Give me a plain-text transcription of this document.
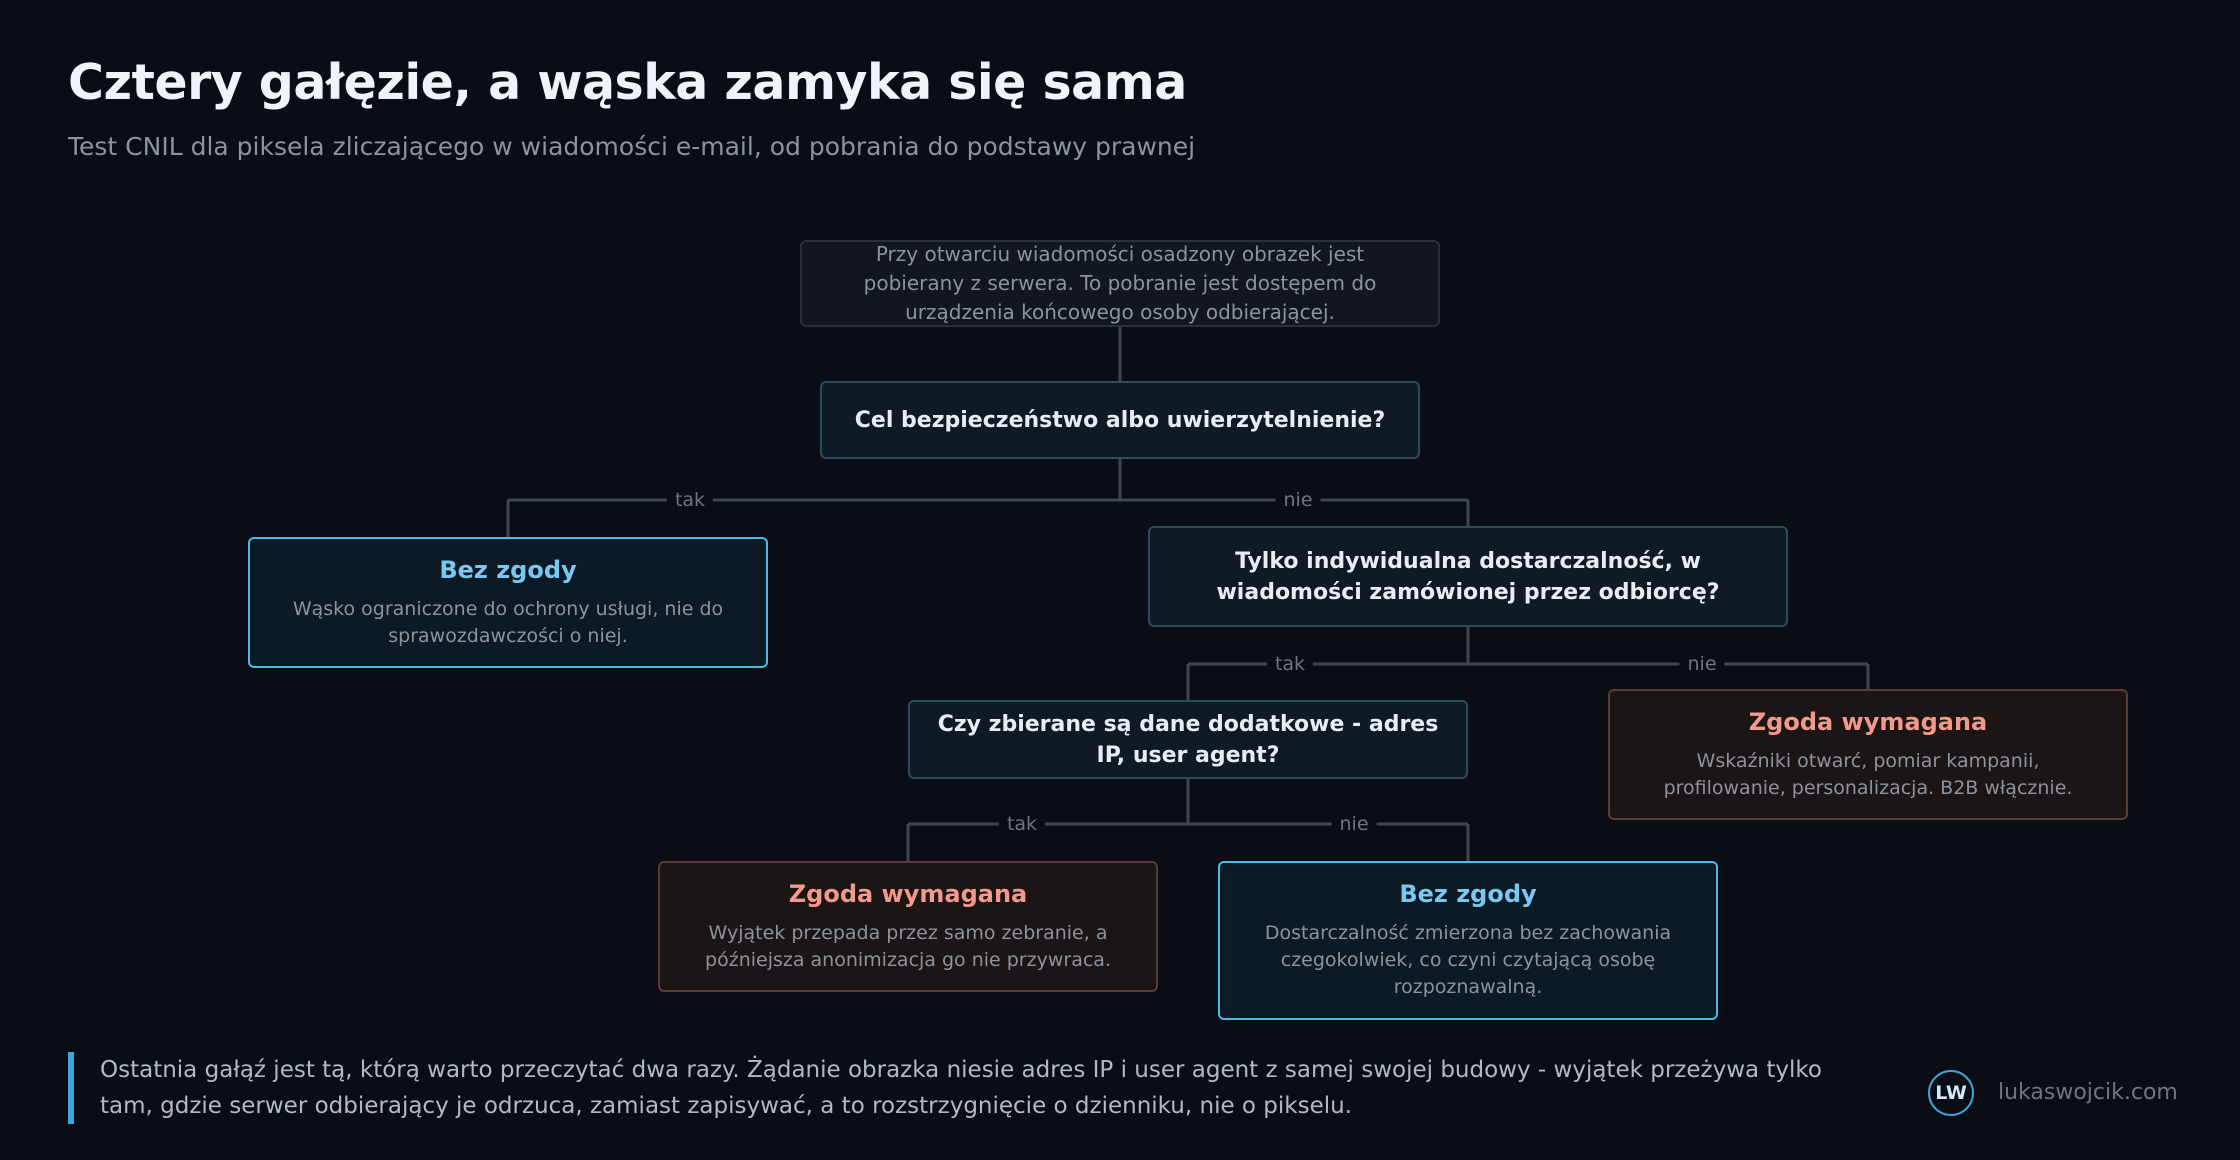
Cztery gałęzie, a wąska zamyka się sama
Test CNIL dla piksela zliczającego w wiadomości e-mail, od pobrania do podstawy prawnej
tak	nie
tak	nie
tak	nie
Przy otwarciu wiadomości osadzony obrazek jest pobierany z serwera. To pobranie jest dostępem do urządzenia końcowego osoby odbierającej.
Cel bezpieczeństwo albo uwierzytelnienie?
Bez zgody
Wąsko ograniczone do ochrony usługi, nie do sprawozdawczości o niej.
Tylko indywidualna dostarczalność, w wiadomości zamówionej przez odbiorcę?
Zgoda wymagana
Wskaźniki otwarć, pomiar kampanii, profilowanie, personalizacja. B2B włącznie.
Czy zbierane są dane dodatkowe - adres IP, user agent?
Zgoda wymagana
Wyjątek przepada przez samo zebranie, a późniejsza anonimizacja go nie przywraca.
Bez zgody
Dostarczalność zmierzona bez zachowania czegokolwiek, co czyni czytającą osobę rozpoznawalną.
Ostatnia gałąź jest tą, którą warto przeczytać dwa razy. Żądanie obrazka niesie adres IP i user agent z samej swojej budowy - wyjątek przeżywa tylko tam, gdzie serwer odbierający je odrzuca, zamiast zapisywać, a to rozstrzygnięcie o dzienniku, nie o pikselu.	LW	lukaswojcik.com
